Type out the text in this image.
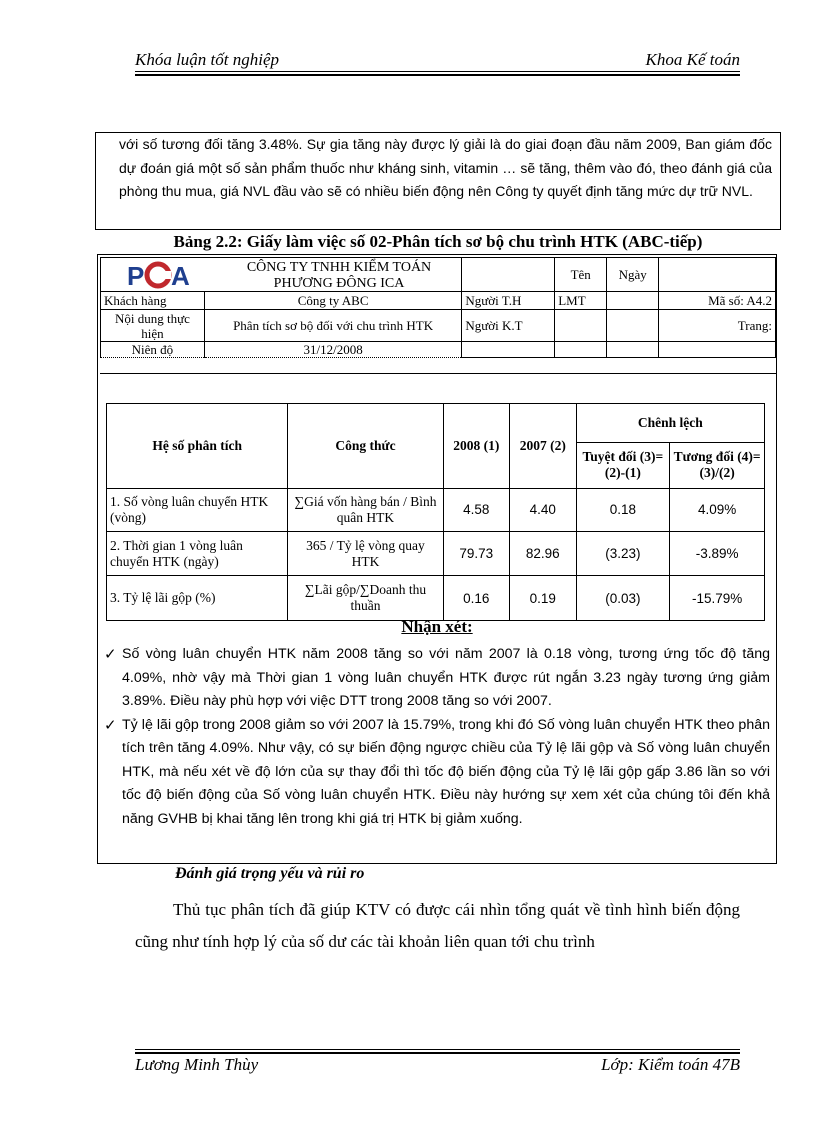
Khóa luận tốt nghiệp	Khoa Kế toán
với số tương đối tăng 3.48%. Sự gia tăng này được lý giải là do giai đoạn đầu năm 2009, Ban giám đốc dự đoán giá một số sản phẩm thuốc như kháng sinh, vitamin … sẽ tăng, thêm vào đó, theo đánh giá của phòng thu mua, giá NVL đầu vào sẽ có nhiều biến động nên Công ty quyết định tăng mức dự trữ NVL.
Bảng 2.2: Giấy làm việc số 02-Phân tích sơ bộ chu trình HTK (ABC-tiếp)
P A CÔNG TY TNHH KIỂM TOÁN PHƯƠNG ĐÔNG ICA			Tên	Ngày	
Khách hàng	Công ty ABC	Người T.H	LMT		Mã số: A4.2
Nội dung thực hiện	Phân tích sơ bộ đối với chu trình HTK	Người K.T			Trang:
Niên độ	31/12/2008				
Hệ số phân tích	Công thức	2008 (1)	2007 (2)	Chênh lệch	
				Tuyệt đối (3)=(2)-(1)	Tương đối (4)=(3)/(2)
1. Số vòng luân chuyển HTK (vòng)	∑Giá vốn hàng bán / Bình quân HTK	4.58	4.40	0.18	4.09%
2. Thời gian 1 vòng luân chuyển HTK (ngày)	365 / Tỷ lệ vòng quay HTK	79.73	82.96	(3.23)	-3.89%
3. Tỷ lệ lãi gộp (%)	∑Lãi gộp/∑Doanh thu thuần	0.16	0.19	(0.03)	-15.79%
Nhận xét:
✓ Số vòng luân chuyển HTK năm 2008 tăng so với năm 2007 là 0.18 vòng, tương ứng tốc độ tăng 4.09%, nhờ vậy mà Thời gian 1 vòng luân chuyển HTK được rút ngắn 3.23 ngày tương ứng giảm 3.89%. Điều này phù hợp với việc DTT trong 2008 tăng so với 2007.
✓ Tỷ lệ lãi gộp trong 2008 giảm so với 2007 là 15.79%, trong khi đó Số vòng luân chuyển HTK theo phân tích trên tăng 4.09%. Như vậy, có sự biến động ngược chiều của Tỷ lệ lãi gộp và Số vòng luân chuyển HTK, mà nếu xét về độ lớn của sự thay đổi thì tốc độ biến động của Tỷ lệ lãi gộp gấp 3.86 lần so với tốc độ biến động của Số vòng luân chuyển HTK. Điều này hướng sự xem xét của chúng tôi đến khả năng GVHB bị khai tăng lên trong khi giá trị HTK bị giảm xuống.
Đánh giá trọng yếu và rủi ro
Thủ tục phân tích đã giúp KTV có được cái nhìn tổng quát về tình hình biến động cũng như tính hợp lý của số dư các tài khoản liên quan tới chu trình
Lương Minh Thùy	Lớp: Kiểm toán 47B
